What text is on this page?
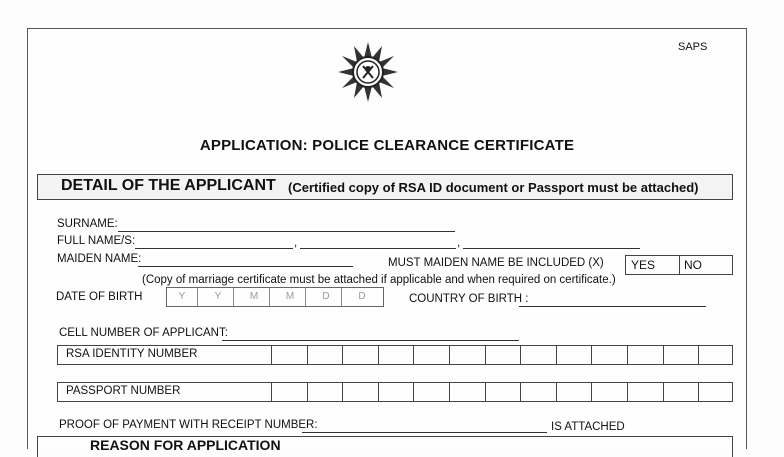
SAPS
APPLICATION: POLICE CLEARANCE CERTIFICATE
DETAIL OF THE APPLICANT (Certified copy of RSA ID document or Passport must be attached)
SURNAME:
FULL NAME/S:	,	,
MAIDEN NAME:	MUST MAIDEN NAME BE INCLUDED (X) YES NO
(Copy of marriage certificate must be attached if applicable and when required on certificate.)
DATE OF BIRTH	Y	Y	M	M	D	D	COUNTRY OF BIRTH :
CELL NUMBER OF APPLICANT:
RSA IDENTITY NUMBER
PASSPORT NUMBER
PROOF OF PAYMENT WITH RECEIPT NUMBER:	IS ATTACHED
REASON FOR APPLICATION
